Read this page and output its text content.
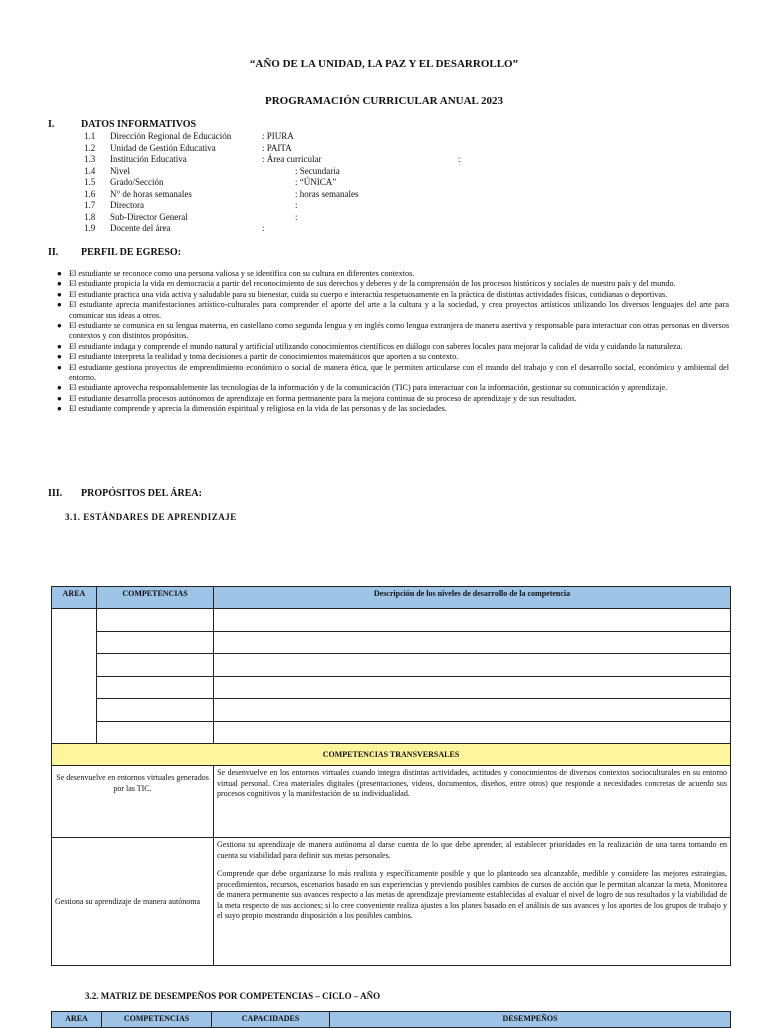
“AÑO DE LA UNIDAD, LA PAZ Y EL DESARROLLO”
PROGRAMACIÓN CURRICULAR ANUAL 2023
I.	DATOS INFORMATIVOS
1.1 Dirección Regional de Educación	: PIURA
1.2 Unidad de Gestión Educativa	: PAITA
1.3 Institución Educativa	: Área curricular	:
1.4 Nivel	: Secundaria
1.5 Grado/Sección	: “ÚNICA”
1.6 N° de horas semanales	: horas semanales
1.7 Directora	:
1.8 Sub-Director General	:
1.9 Docente del área	:
II. PERFIL DE EGRESO:
● El estudiante se reconoce como una persona valiosa y se identifica con su cultura en diferentes contextos.
● El estudiante propicia la vida en democracia a partir del reconocimiento de sus derechos y deberes y de la comprensión de los procesos históricos y sociales de nuestro país y del mundo.
● El estudiante practica una vida activa y saludable para su bienestar, cuida su cuerpo e interactúa respetuosamente en la práctica de distintas actividades físicas, cotidianas o deportivas.
● El estudiante aprecia manifestaciones artístico-culturales para comprender el aporte del arte a la cultura y a la sociedad, y crea proyectos artísticos utilizando los diversos lenguajes del arte para comunicar sus ideas a otros.
● El estudiante se comunica en su lengua materna, en castellano como segunda lengua y en inglés como lengua extranjera de manera asertiva y responsable para interactuar con otras personas en diversos contextos y con distintos propósitos.
● El estudiante indaga y comprende el mundo natural y artificial utilizando conocimientos científicos en diálogo con saberes locales para mejorar la calidad de vida y cuidando la naturaleza.
● El estudiante interpreta la realidad y toma decisiones a partir de conocimientos matemáticos que aporten a su contexto.
● El estudiante gestiona proyectos de emprendimiento económico o social de manera ética, que le permiten articularse con el mundo del trabajo y con el desarrollo social, económico y ambiental del entorno.
● El estudiante aprovecha responsablemente las tecnologías de la información y de la comunicación (TIC) para interactuar con la información, gestionar su comunicación y aprendizaje.
● El estudiante desarrolla procesos autónomos de aprendizaje en forma permanente para la mejora continua de su proceso de aprendizaje y de sus resultados.
● El estudiante comprende y aprecia la dimensión espiritual y religiosa en la vida de las personas y de las sociedades.
III. PROPÓSITOS DEL ÁREA:
3.1. ESTÁNDARES DE APRENDIZAJE
AREA	COMPETENCIAS	Descripción de los niveles de desarrollo de la competencia

COMPETENCIAS TRANSVERSALES		
Se desenvuelve en entornos virtuales generados por las TIC.		Se desenvuelve en los entornos virtuales cuando integra distintas actividades, actitudes y conocimientos de diversos contextos socioculturales en su entorno virtual personal. Crea materiales digitales (presentaciones, videos, documentos, diseños, entre otros) que responde a necesidades concretas de acuerdo sus procesos cognitivos y la manifestación de su individualidad.
Gestiona su aprendizaje de manera autónoma		Gestiona su aprendizaje de manera autónoma al darse cuenta de lo que debe aprender, al establecer prioridades en la realización de una tarea tomando en cuenta su viabilidad para definir sus metas personales.
Comprende que debe organizarse lo más realista y específicamente posible y que lo planteado sea alcanzable, medible y considere las mejores estrategias, procedimientos, recursos, escenarios basado en sus experiencias y previendo posibles cambios de cursos de acción que le permitan alcanzar la meta. Monitorea de manera permanente sus avances respecto a las metas de aprendizaje previamente establecidas al evaluar el nivel de logro de sus resultados y la viabilidad de la meta respecto de sus acciones; si lo cree conveniente realiza ajustes a los planes basado en el análisis de sus avances y los aportes de los grupos de trabajo y el suyo propio mostrando disposición a los posibles cambios.
3.2. MATRIZ DE DESEMPEÑOS POR COMPETENCIAS – CICLO – AÑO
AREA	COMPETENCIAS	CAPACIDADES	DESEMPEÑOS
